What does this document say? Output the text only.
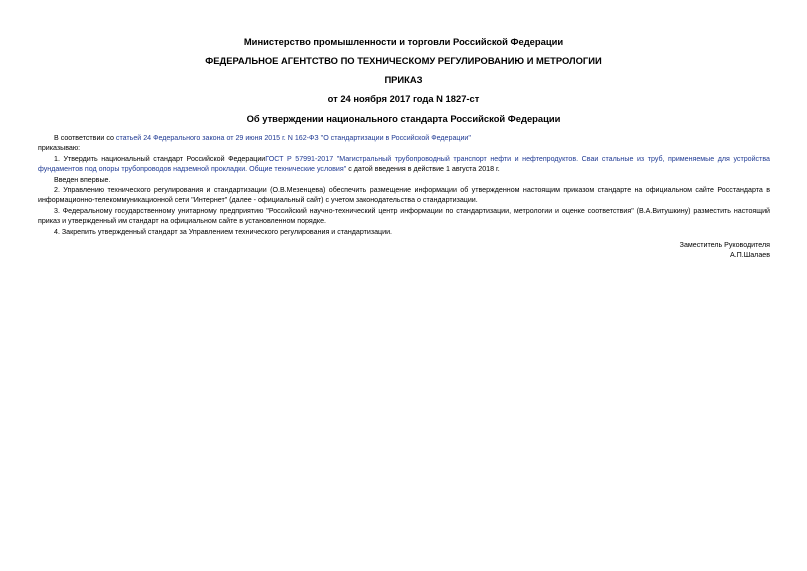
Министерство промышленности и торговли Российской Федерации
ФЕДЕРАЛЬНОЕ АГЕНТСТВО ПО ТЕХНИЧЕСКОМУ РЕГУЛИРОВАНИЮ И МЕТРОЛОГИИ
ПРИКАЗ
от 24 ноября 2017 года N 1827-ст
Об утверждении национального стандарта Российской Федерации
В соответствии со статьей 24 Федерального закона от 29 июня 2015 г. N 162-ФЗ "О стандартизации в Российской Федерации"
приказываю:
1. Утвердить национальный стандарт Российской ФедерацииГОСТ Р 57991-2017 "Магистральный трубопроводный транспорт нефти и нефтепродуктов. Сваи стальные из труб, применяемые для устройства фундаментов под опоры трубопроводов надземной прокладки. Общие технические условия" с датой введения в действие 1 августа 2018 г.
Введен впервые.
2. Управлению технического регулирования и стандартизации (О.В.Мезенцева) обеспечить размещение информации об утвержденном настоящим приказом стандарте на официальном сайте Росстандарта в информационно-телекоммуникационной сети "Интернет" (далее - официальный сайт) с учетом законодательства о стандартизации.
3. Федеральному государственному унитарному предприятию "Российский научно-технический центр информации по стандартизации, метрологии и оценке соответствия" (В.А.Витушкину) разместить настоящий приказ и утвержденный им стандарт на официальном сайте в установленном порядке.
4. Закрепить утвержденный стандарт за Управлением технического регулирования и стандартизации.
Заместитель Руководителя
А.П.Шалаев
